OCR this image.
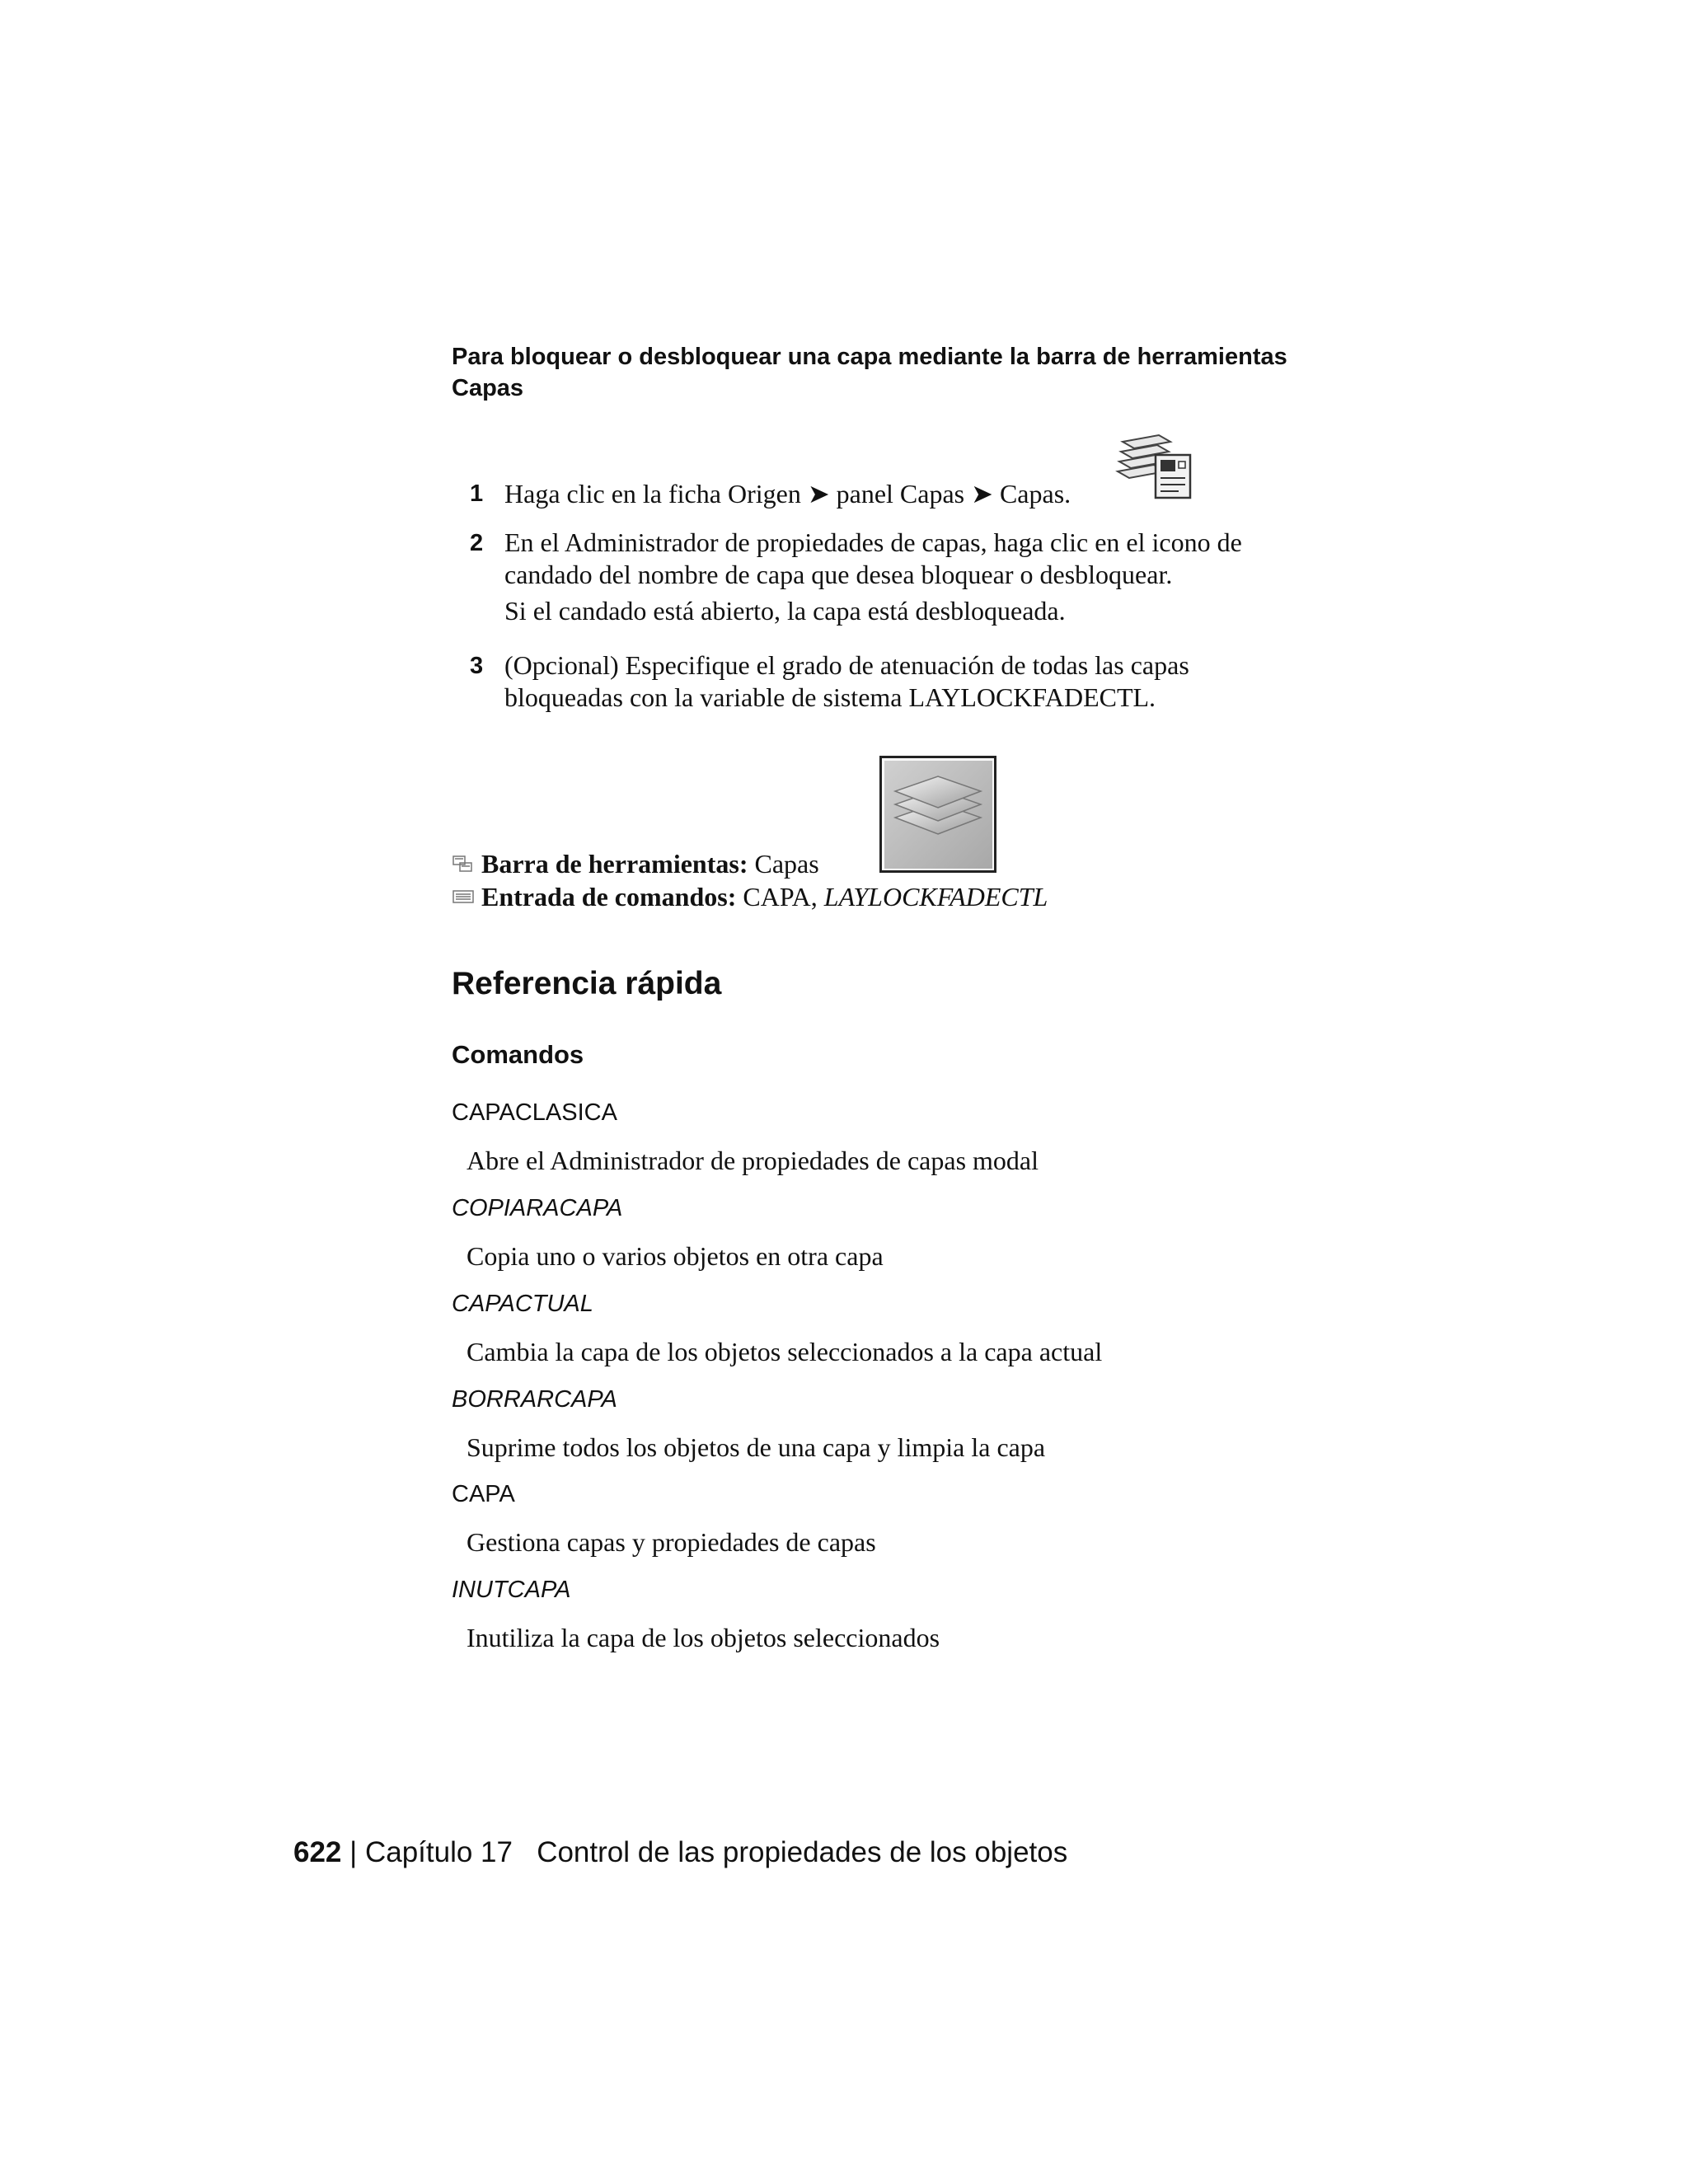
Para bloquear o desbloquear una capa mediante la barra de herramientas Capas
1 Haga clic en la ficha Origen ➤ panel Capas ➤ Capas.
2 En el Administrador de propiedades de capas, haga clic en el icono de candado del nombre de capa que desea bloquear o desbloquear.
Si el candado está abierto, la capa está desbloqueada.
3 (Opcional) Especifique el grado de atenuación de todas las capas bloqueadas con la variable de sistema LAYLOCKFADECTL.
Barra de herramientas: Capas
Entrada de comandos: CAPA, LAYLOCKFADECTL
Referencia rápida
Comandos
CAPACLASICA
Abre el Administrador de propiedades de capas modal
COPIARACAPA
Copia uno o varios objetos en otra capa
CAPACTUAL
Cambia la capa de los objetos seleccionados a la capa actual
BORRARCAPA
Suprime todos los objetos de una capa y limpia la capa
CAPA
Gestiona capas y propiedades de capas
INUTCAPA
Inutiliza la capa de los objetos seleccionados
622 | Capítulo 17 Control de las propiedades de los objetos
